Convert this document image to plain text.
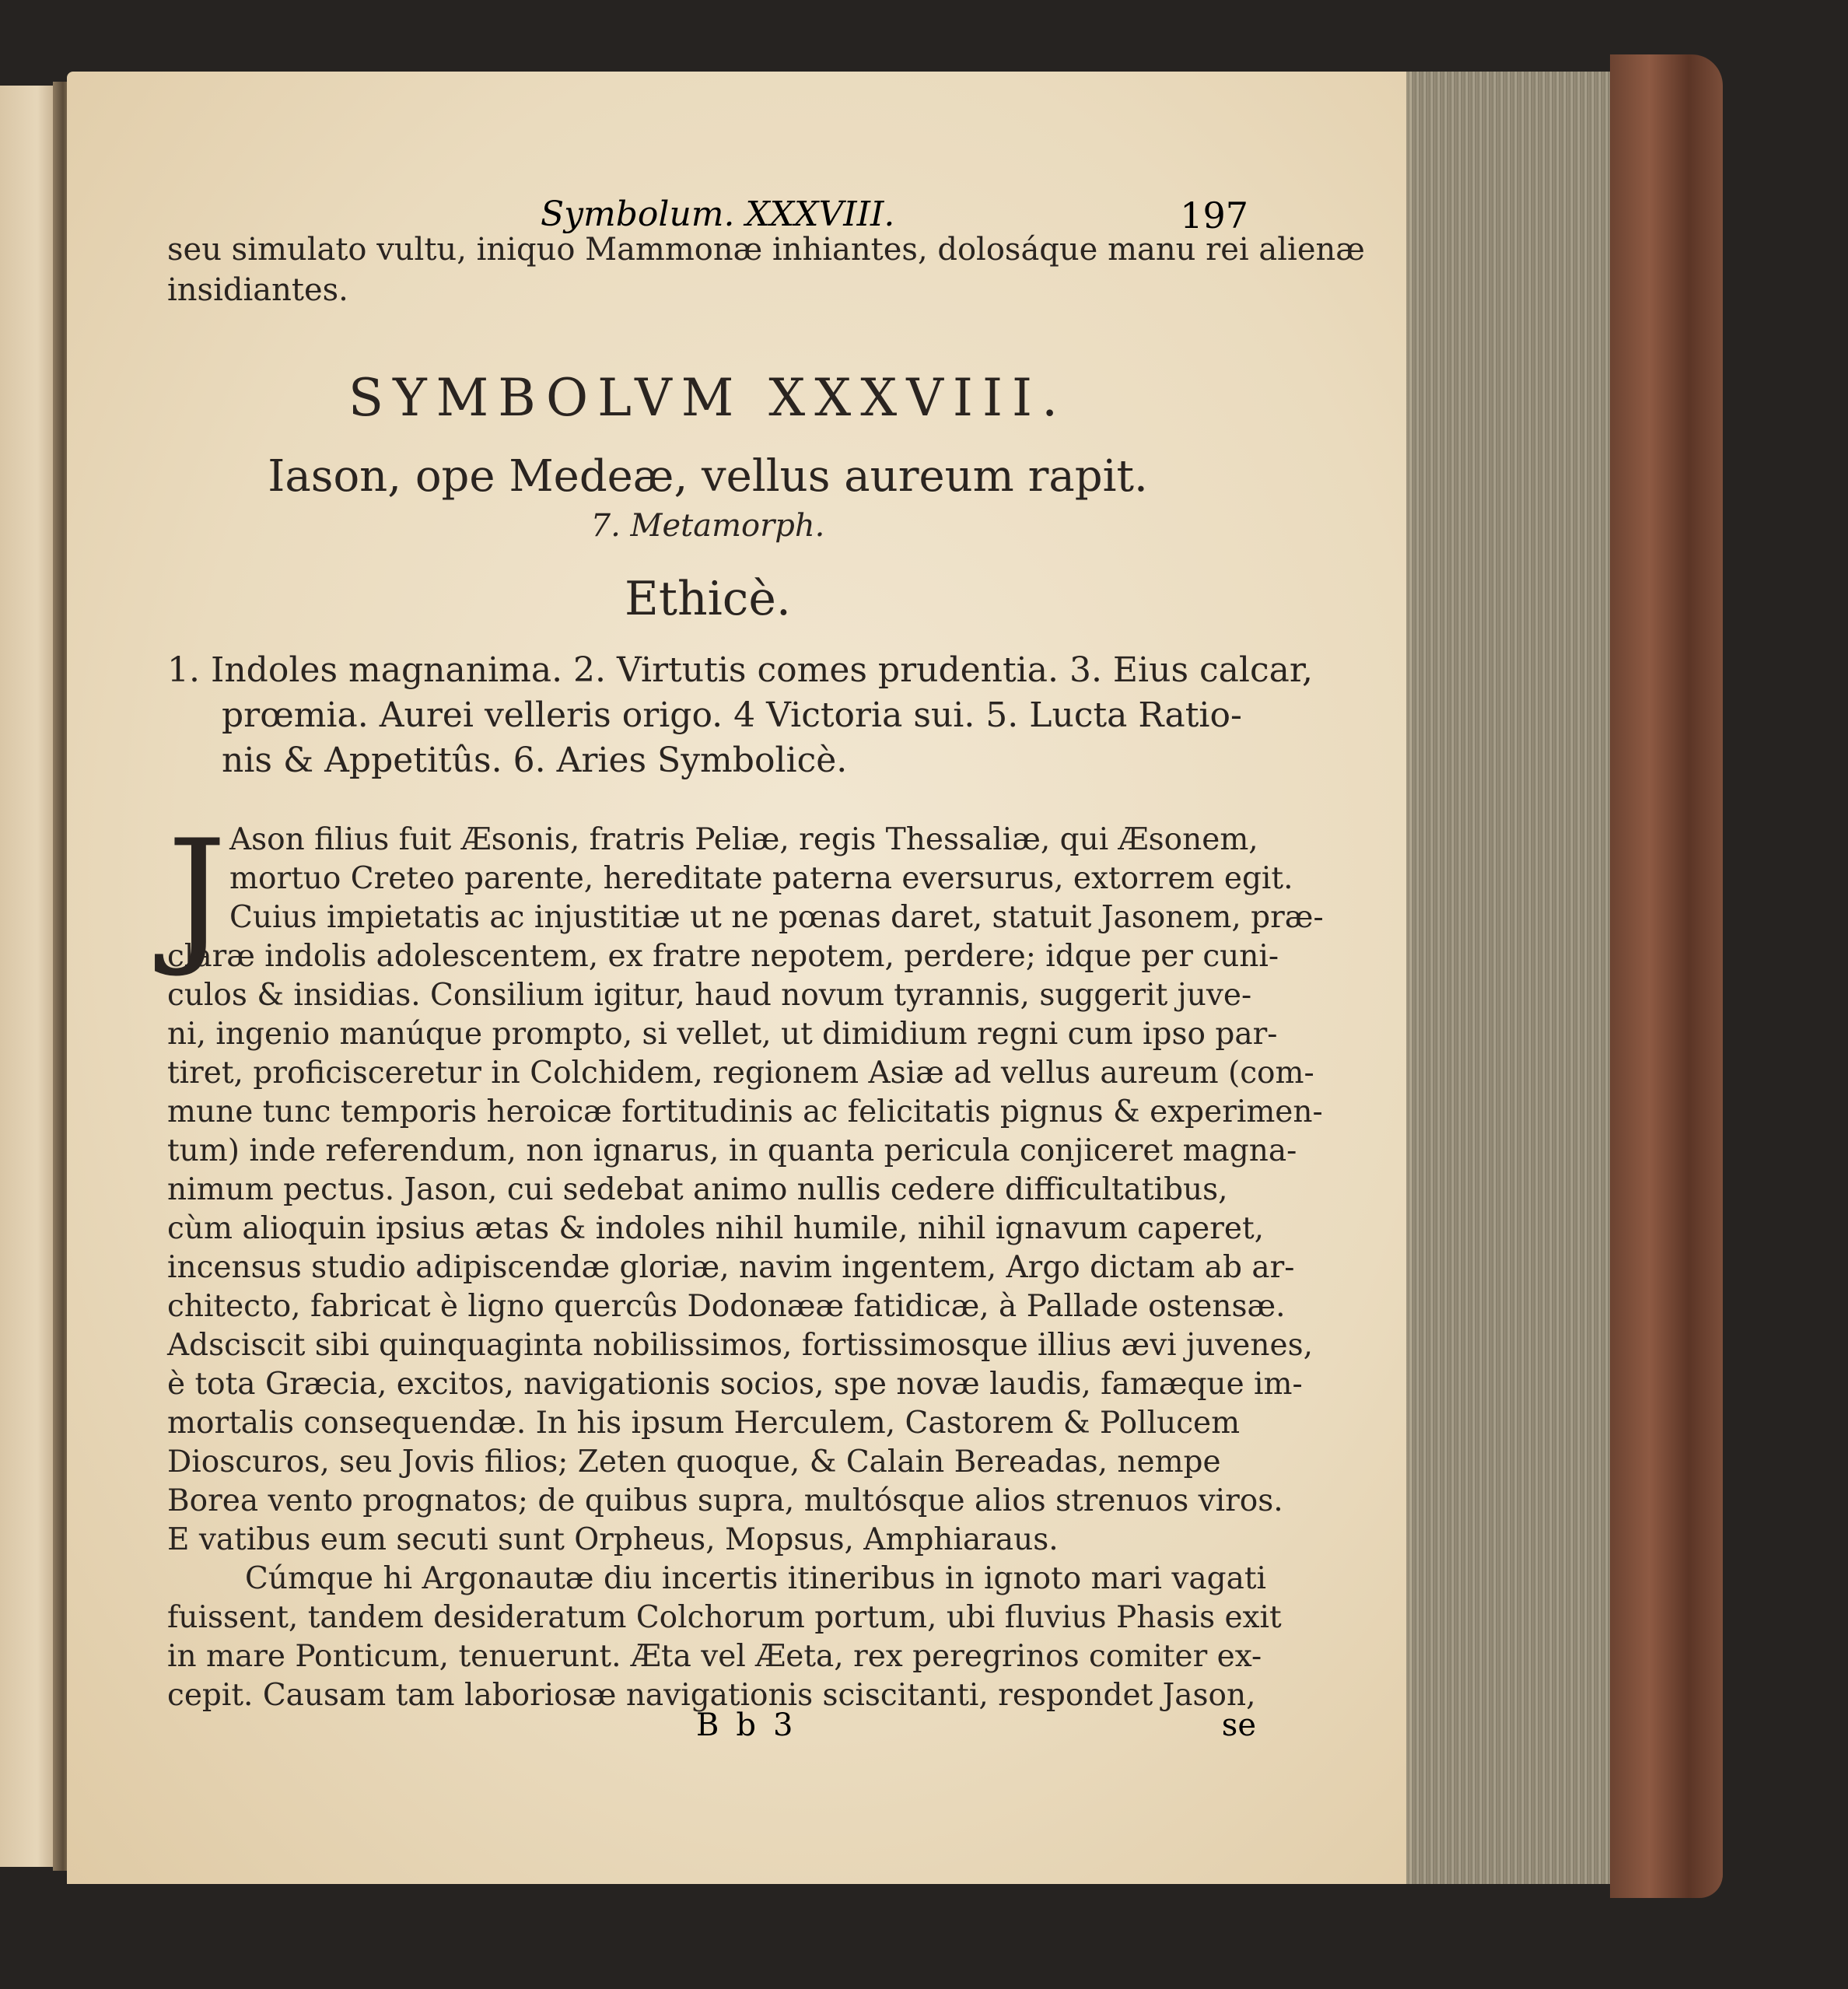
Symbolum. XXXVIII.	197
seu simulato vultu, iniquo Mammonæ inhiantes, dolosáque manu rei alienæ
insidiantes.
SYMBOLVM XXXVIII.
Iason, ope Medeæ, vellus aureum rapit.
7. Metamorph.
Ethicè.
1. Indoles magnanima. 2. Virtutis comes prudentia. 3. Eius calcar,
prœmia. Aurei velleris origo. 4 Victoria sui. 5. Lucta Ratio-
nis & Appetitûs. 6. Aries Symbolicè.
J Ason filius fuit Æsonis, fratris Peliæ, regis Thessaliæ, qui Æsonem,
mortuo Creteo parente, hereditate paterna eversurus, extorrem egit.
Cuius impietatis ac injustitiæ ut ne pœnas daret, statuit Jasonem, præ-
claræ indolis adolescentem, ex fratre nepotem, perdere; idque per cuni-
culos & insidias. Consilium igitur, haud novum tyrannis, suggerit juve-
ni, ingenio manúque prompto, si vellet, ut dimidium regni cum ipso par-
tiret, proficisceretur in Colchidem, regionem Asiæ ad vellus aureum (com-
mune tunc temporis heroicæ fortitudinis ac felicitatis pignus & experimen-
tum) inde referendum, non ignarus, in quanta pericula conjiceret magna-
nimum pectus. Jason, cui sedebat animo nullis cedere difficultatibus,
cùm alioquin ipsius ætas & indoles nihil humile, nihil ignavum caperet,
incensus studio adipiscendæ gloriæ, navim ingentem, Argo dictam ab ar-
chitecto, fabricat è ligno quercûs Dodonææ fatidicæ, à Pallade ostensæ.
Adsciscit sibi quinquaginta nobilissimos, fortissimosque illius ævi juvenes,
è tota Græcia, excitos, navigationis socios, spe novæ laudis, famæque im-
mortalis consequendæ. In his ipsum Herculem, Castorem & Pollucem
Dioscuros, seu Jovis filios; Zeten quoque, & Calain Bereadas, nempe
Borea vento prognatos; de quibus supra, multósque alios strenuos viros.
E vatibus eum secuti sunt Orpheus, Mopsus, Amphiaraus.
Cúmque hi Argonautæ diu incertis itineribus in ignoto mari vagati
fuissent, tandem desideratum Colchorum portum, ubi fluvius Phasis exit
in mare Ponticum, tenuerunt. Æta vel Æeta, rex peregrinos comiter ex-
cepit. Causam tam laboriosæ navigationis sciscitanti, respondet Jason,
Bb3	se
